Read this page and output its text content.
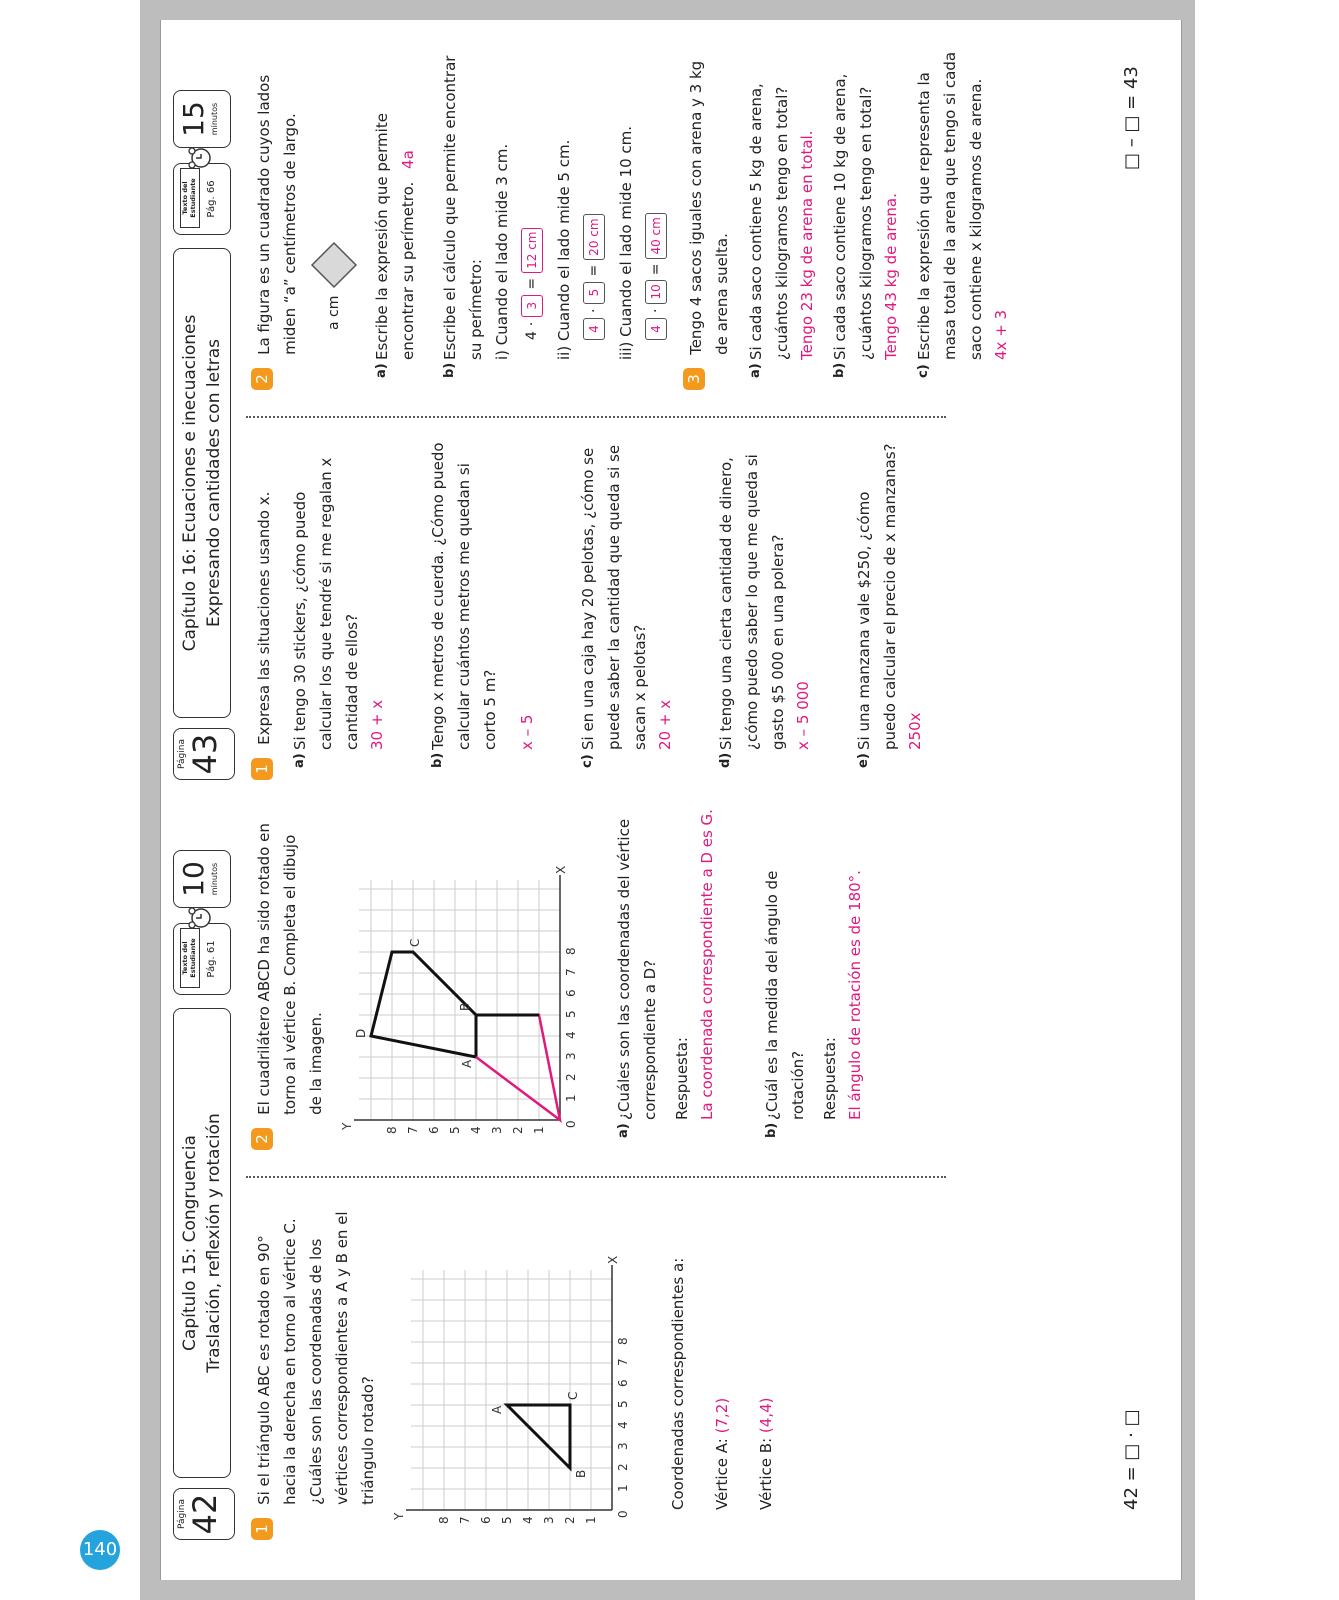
140
Página 42
Capítulo 15: Congruencia Traslación, reflexión y rotación
Texto del Estudiante Pág. 61
10 minutos
1 Si el triángulo ABC es rotado en 90° hacia la derecha en torno al vértice C. ¿Cuáles son las coordenadas de los vértices correspondientes a A y B en el triángulo rotado?	B
C
A
0
1
2
3
4
5
6
7
8
X
Y
1
2
3
4
5
6
7
8
Coordenadas correspondientes a: Vértice A: (7,2)
Vértice B: (4,4)
2 El cuadrilátero ABCD ha sido rotado en torno al vértice B. Completa el dibujo de la imagen.	A
B
C
D
0
1
2
3
4
5
6
7
8
X
Y
1
2
3
4
5
6
7
8	a)
¿Cuáles son las coordenadas del vértice correspondiente a D? Respuesta: La coordenada correspondiente a D es G.
b)
¿Cuál es la medida del ángulo de rotación? Respuesta: El ángulo de rotación es de 180°.
42 = □ · □
Página 43
Capítulo 16: Ecuaciones e inecuaciones Expresando cantidades con letras
Texto del Estudiante Pág. 66
15 minutos
1 Expresa las situaciones usando x.
a)
Si tengo 30 stickers, ¿cómo puedo calcular los que tendré si me regalan x cantidad de ellos? 30 + x
b)
Tengo x metros de cuerda. ¿Cómo puedo calcular cuántos metros me quedan si corto 5 m? x – 5
c)
Si en una caja hay 20 pelotas, ¿cómo se puede saber la cantidad que queda si se sacan x pelotas? 20 + x
d)
Si tengo una cierta cantidad de dinero, ¿cómo puedo saber lo que me queda si gasto $5 000 en una polera? x – 5 000
e)
Si una manzana vale $250, ¿cómo puedo calcular el precio de x manzanas? 250x
2 La figura es un cuadrado cuyos lados miden “a” centímetros de largo. a cm
a)
Escribe la expresión que permite encontrar su perímetro. 4a
b)
Escribe el cálculo que permite encontrar su perímetro: i) Cuando el lado mide 3 cm. 4
·
3
=
12 cm ii) Cuando el lado mide 5 cm.	4
·
5
=
20 cm iii) Cuando el lado mide 10 cm.	4
·
10
=
40 cm
3 Tengo 4 sacos iguales con arena y 3 kg de arena suelta.
a)
Si cada saco contiene 5 kg de arena, ¿cuántos kilogramos tengo en total? Tengo 23 kg de arena en total.
b)
Si cada saco contiene 10 kg de arena, ¿cuántos kilogramos tengo en total? Tengo 43 kg de arena.
c)
Escribe la expresión que representa la masa total de la arena que tengo si cada saco contiene x kilogramos de arena. 4x + 3
□ – □ = 43
